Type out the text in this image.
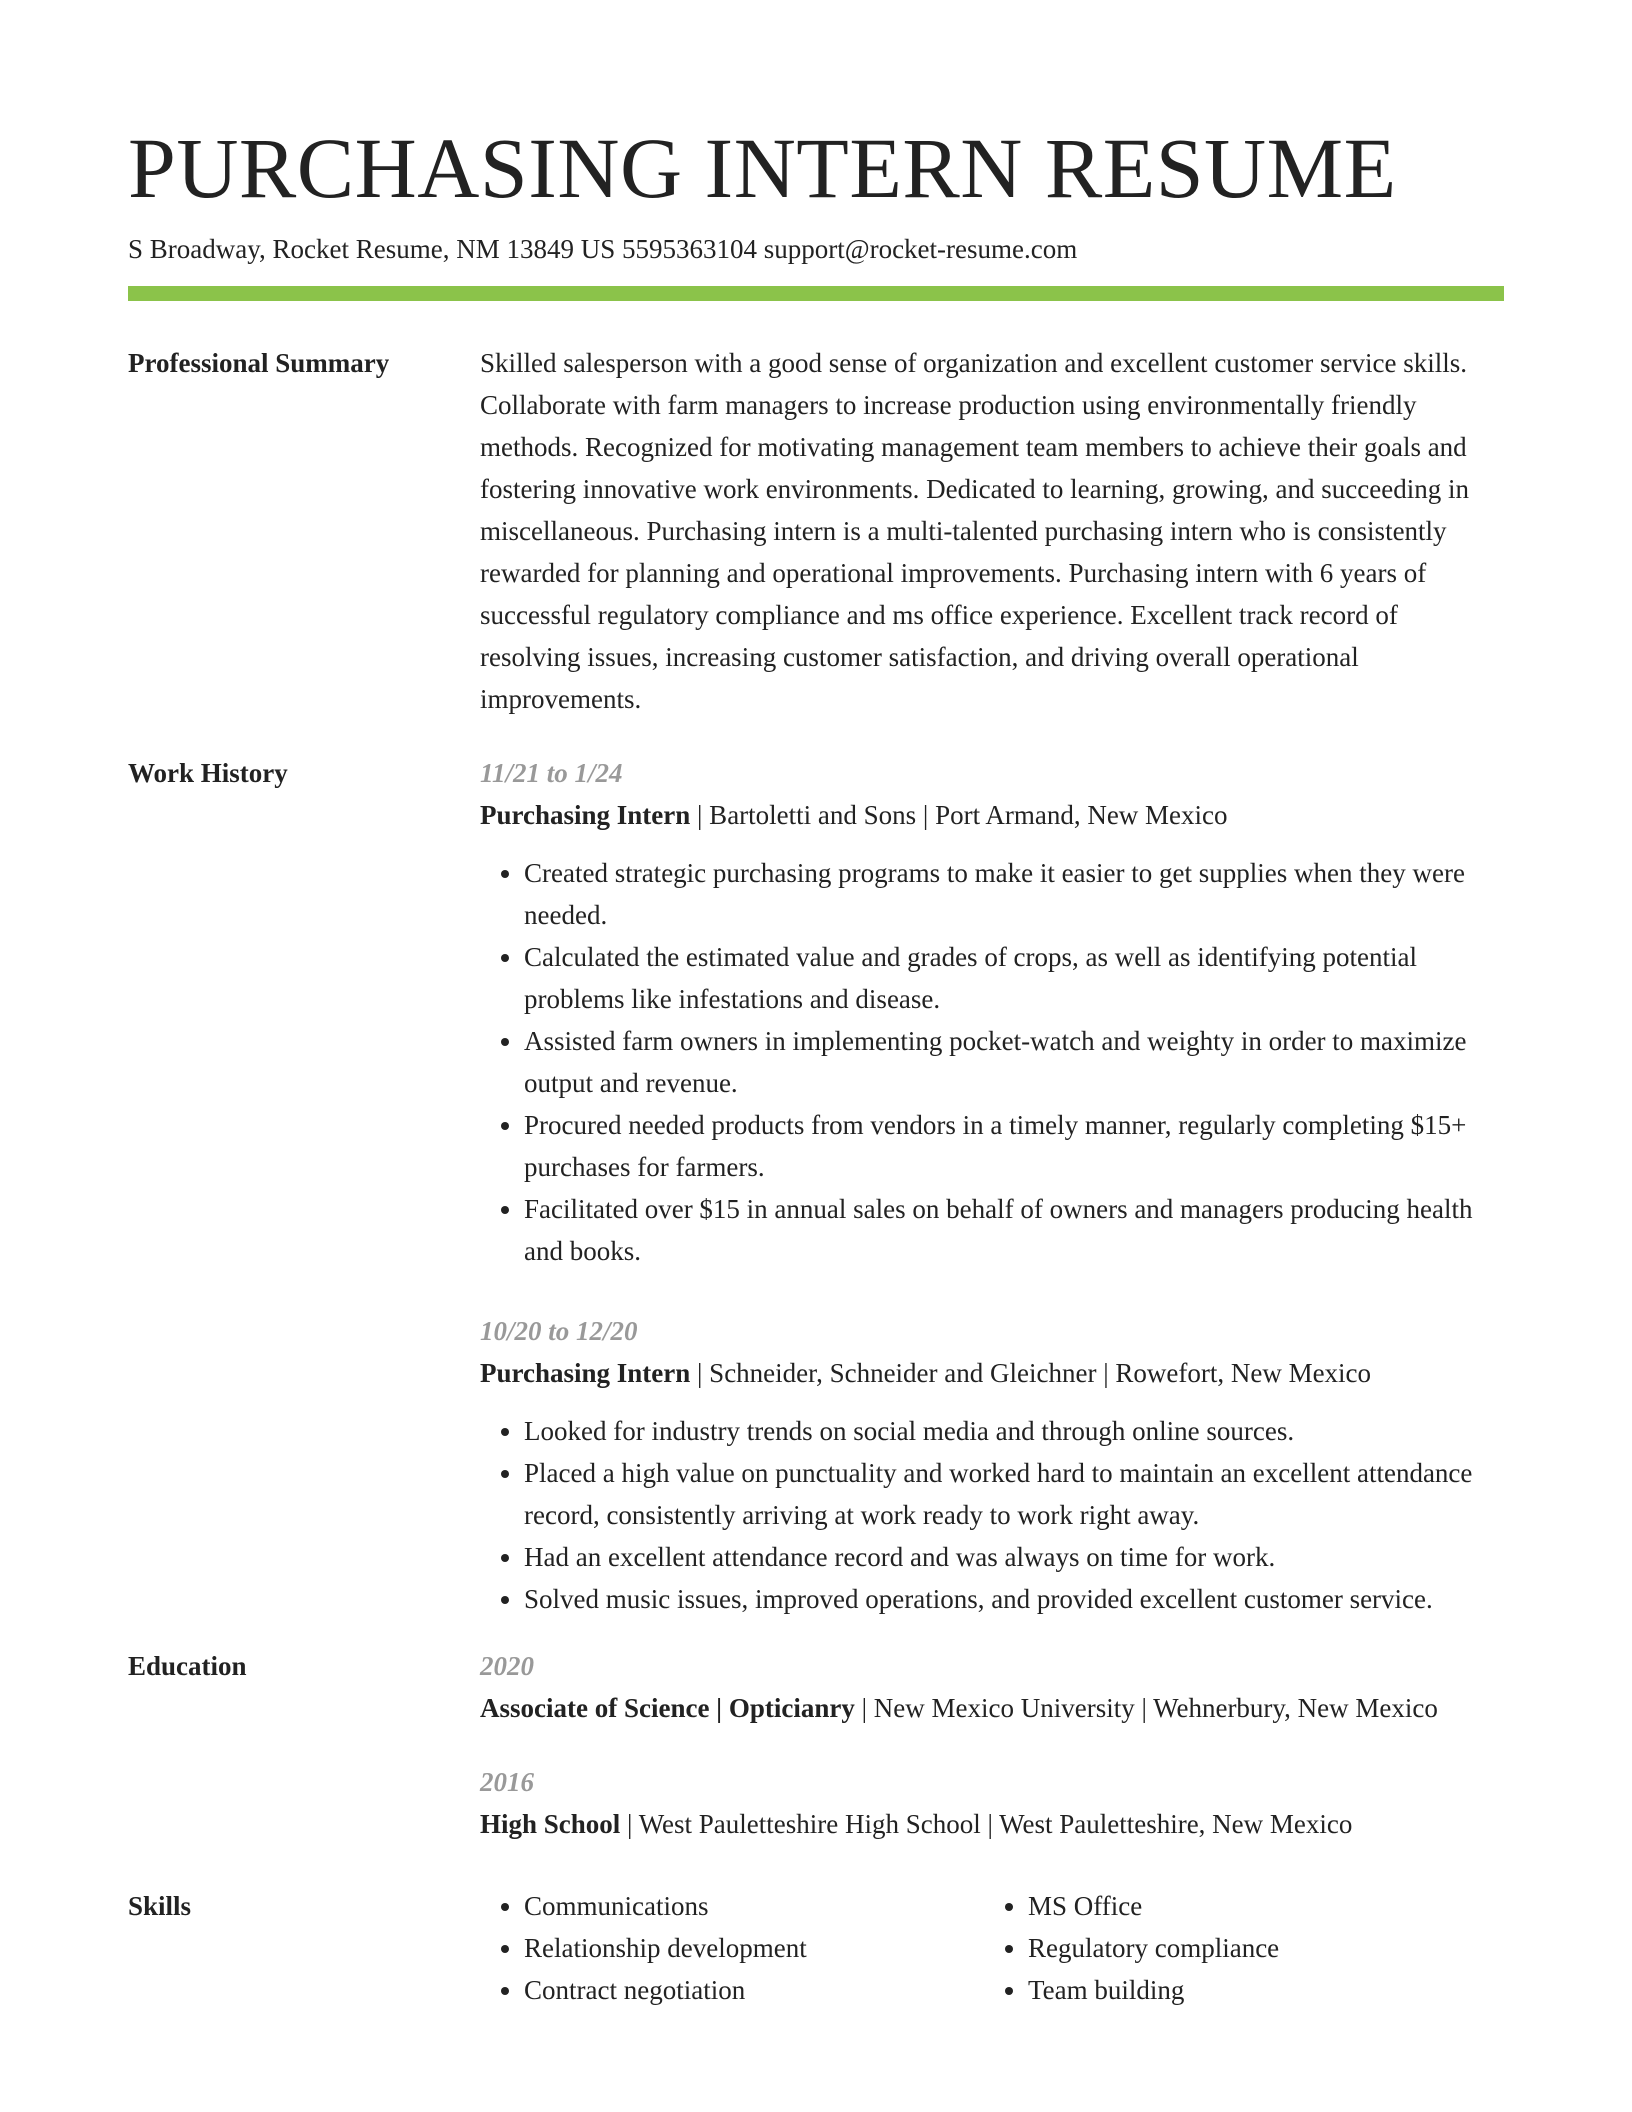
PURCHASING INTERN RESUME
S Broadway, Rocket Resume, NM 13849 US 5595363104 support@rocket-resume.com
Professional Summary	Skilled salesperson with a good sense of organization and excellent customer service skills. Collaborate with farm managers to increase production using environmentally friendly methods. Recognized for motivating management team members to achieve their goals and fostering innovative work environments. Dedicated to learning, growing, and succeeding in miscellaneous. Purchasing intern is a multi-talented purchasing intern who is consistently rewarded for planning and operational improvements. Purchasing intern with 6 years of successful regulatory compliance and ms office experience. Excellent track record of resolving issues, increasing customer satisfaction, and driving overall operational improvements.

Work History	11/21 to 1/24
Purchasing Intern | Bartoletti and Sons | Port Armand, New Mexico
• Created strategic purchasing programs to make it easier to get supplies when they were needed.
• Calculated the estimated value and grades of crops, as well as identifying potential problems like infestations and disease.
• Assisted farm owners in implementing pocket-watch and weighty in order to maximize output and revenue.
• Procured needed products from vendors in a timely manner, regularly completing $15+ purchases for farmers.
• Facilitated over $15 in annual sales on behalf of owners and managers producing health and books.
10/20 to 12/20
Purchasing Intern | Schneider, Schneider and Gleichner | Rowefort, New Mexico
• Looked for industry trends on social media and through online sources.
• Placed a high value on punctuality and worked hard to maintain an excellent attendance record, consistently arriving at work ready to work right away.
• Had an excellent attendance record and was always on time for work.
• Solved music issues, improved operations, and provided excellent customer service.
Education	2020
Associate of Science | Opticianry | New Mexico University | Wehnerbury, New Mexico
2016
High School | West Pauletteshire High School | West Pauletteshire, New Mexico
Skills
•	Communications
• Relationship development
• Contract negotiation
• MS Office
• Regulatory compliance
• Team building
